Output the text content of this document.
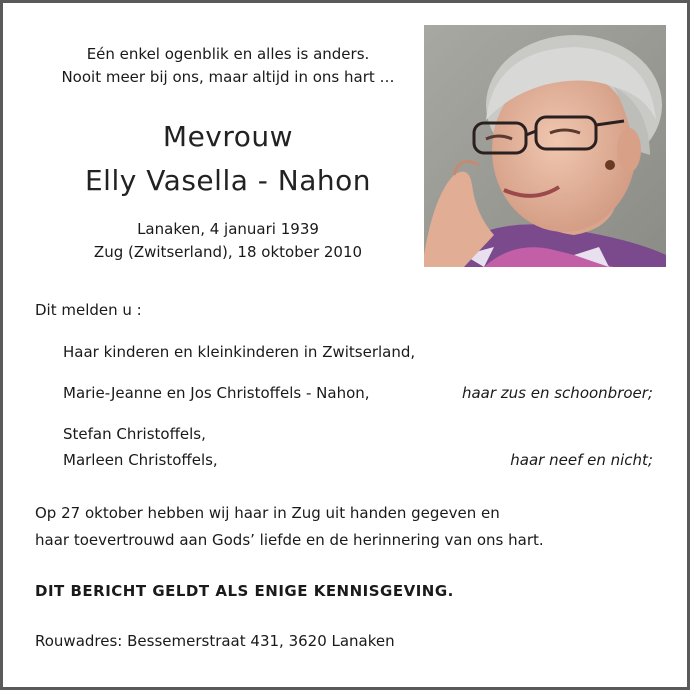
Eén enkel ogenblik en alles is anders.
Nooit meer bij ons, maar altijd in ons hart …
Mevrouw
Elly Vasella - Nahon
Lanaken, 4 januari 1939
Zug (Zwitserland), 18 oktober 2010
Dit melden u :
Haar kinderen en kleinkinderen in Zwitserland,
Marie-Jeanne en Jos Christoffels - Nahon,	haar zus en schoonbroer;
Stefan Christoffels,
Marleen Christoffels,	haar neef en nicht;
Op 27 oktober hebben wij haar in Zug uit handen gegeven en
haar toevertrouwd aan Gods’ liefde en de herinnering van ons hart.
DIT BERICHT GELDT ALS ENIGE KENNISGEVING.
Rouwadres: Bessemerstraat 431, 3620 Lanaken
